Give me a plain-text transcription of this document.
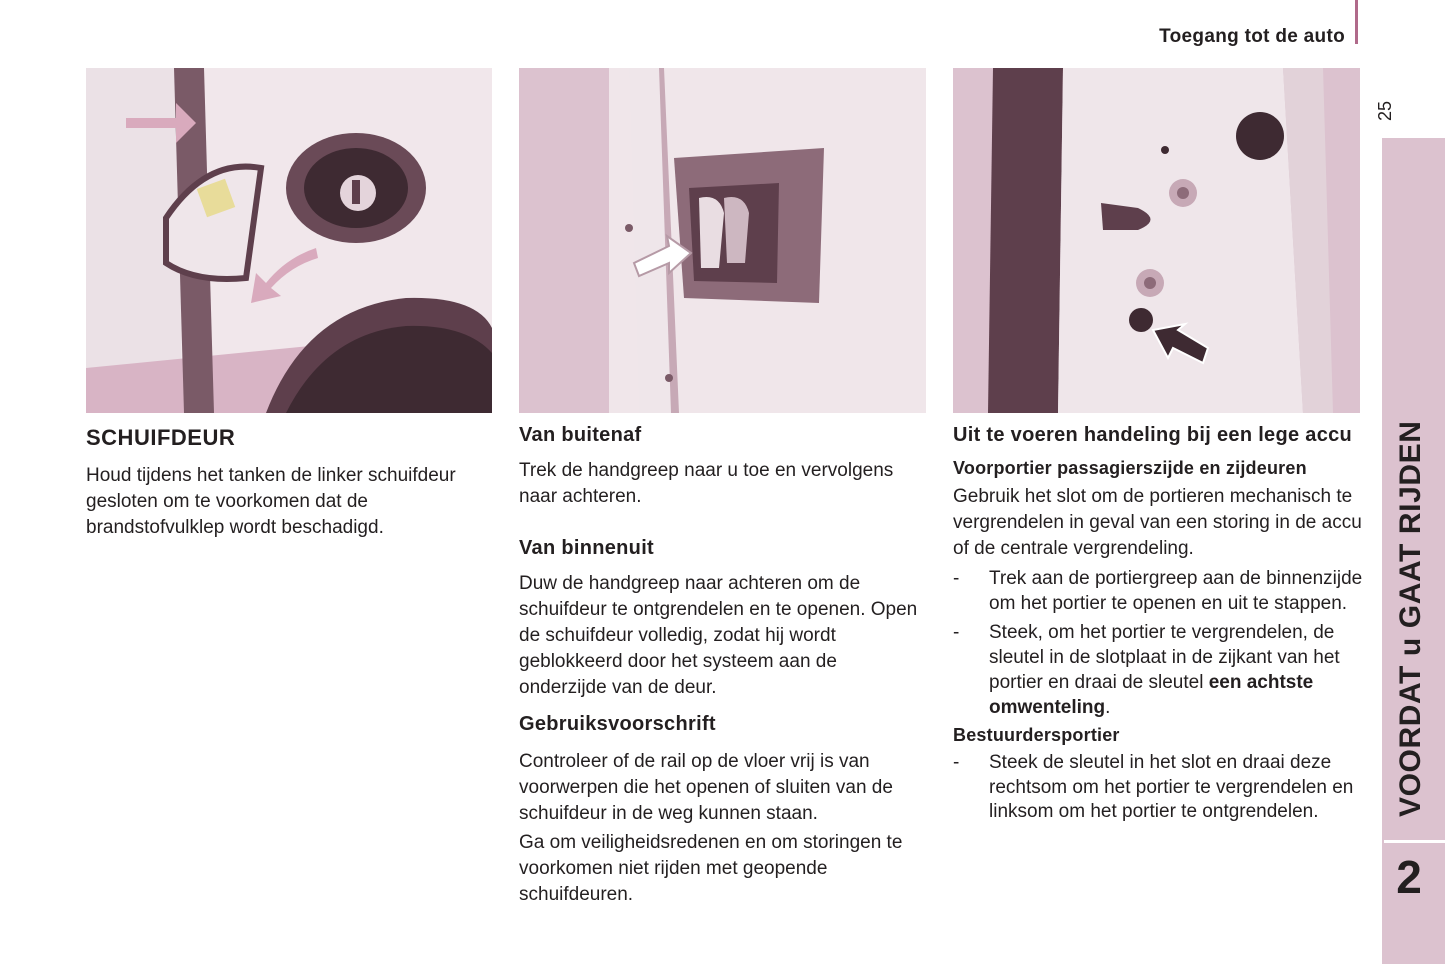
Toegang tot de auto
25
VOORDAT u GAAT RIJDEN
2
SCHUIFDEUR

Houd tijdens het tanken de linker schuifdeur gesloten om te voorkomen dat de brandstofvulklep wordt beschadigd.

Van buitenaf

Trek de handgreep naar u toe en vervolgens naar achteren.

Van binnenuit

Duw de handgreep naar achteren om de schuifdeur te ontgrendelen en te openen. Open de schuifdeur volledig, zodat hij wordt geblokkeerd door het systeem aan de onderzijde van de deur.

Gebruiksvoorschrift

Controleer of de rail op de vloer vrij is van voorwerpen die het openen of sluiten van de schuifdeur in de weg kunnen staan.

Ga om veiligheidsredenen en om storingen te voorkomen niet rijden met geopende schuifdeuren.

Uit te voeren handeling bij een lege accu
Voorportier passagierszijde en zijdeuren

Gebruik het slot om de portieren mechanisch te vergrendelen in geval van een storing in de accu of de centrale vergrendeling.

- Trek aan de portiergreep aan de binnenzijde om het portier te openen en uit te stappen.
- Steek, om het portier te vergrendelen, de sleutel in de slotplaat in de zijkant van het portier en draai de sleutel een achtste omwenteling.
Bestuurdersportier
- Steek de sleutel in het slot en draai deze rechtsom om het portier te vergrendelen en linksom om het portier te ontgrendelen.
